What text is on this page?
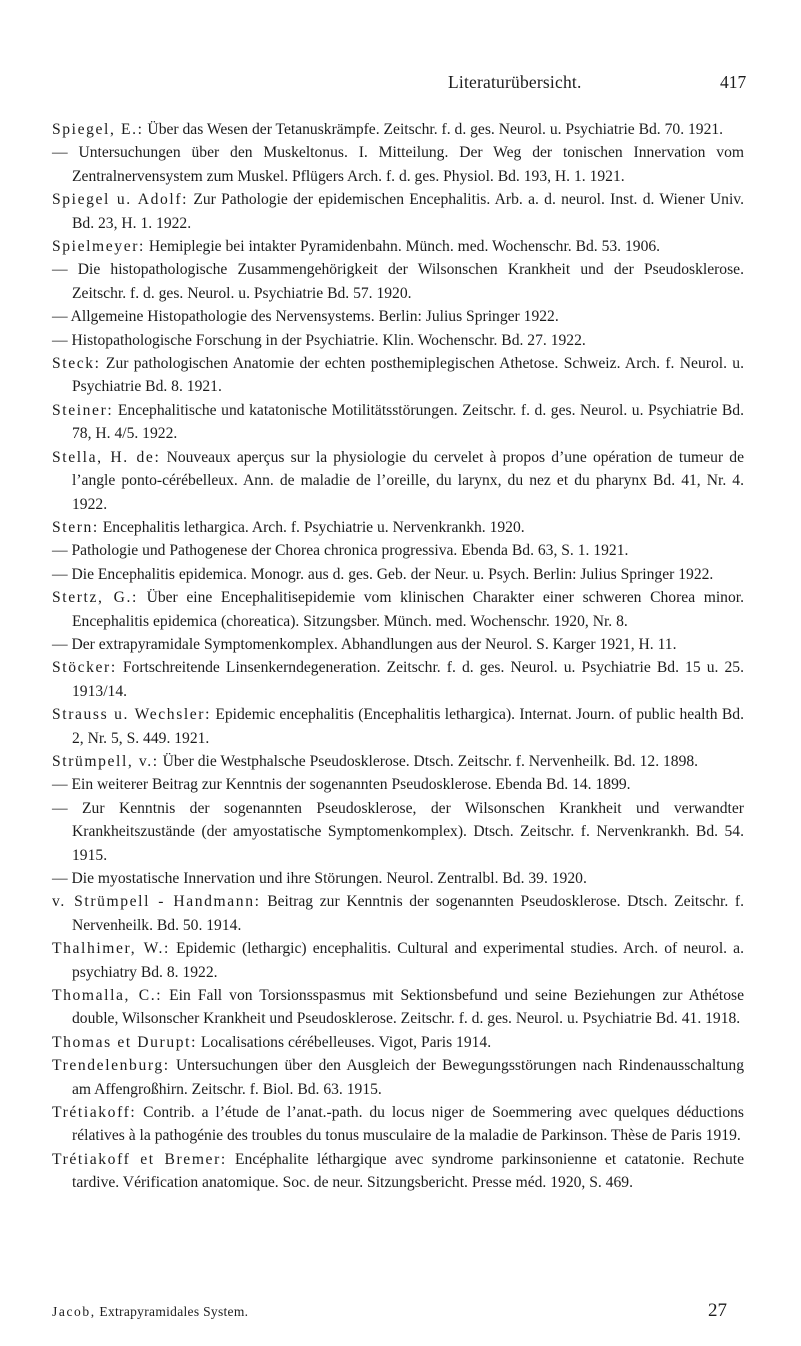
Literaturübersicht.	417

Spiegel, E.: Über das Wesen der Tetanuskrämpfe. Zeitschr. f. d. ges. Neurol. u. Psychiatrie Bd. 70. 1921.

— Untersuchungen über den Muskeltonus. I. Mitteilung. Der Weg der tonischen Innervation vom Zentralnervensystem zum Muskel. Pflügers Arch. f. d. ges. Physiol. Bd. 193, H. 1. 1921.

Spiegel u. Adolf: Zur Pathologie der epidemischen Encephalitis. Arb. a. d. neurol. Inst. d. Wiener Univ. Bd. 23, H. 1. 1922.

Spielmeyer: Hemiplegie bei intakter Pyramidenbahn. Münch. med. Wochenschr. Bd. 53. 1906.

— Die histopathologische Zusammengehörigkeit der Wilsonschen Krankheit und der Pseudosklerose. Zeitschr. f. d. ges. Neurol. u. Psychiatrie Bd. 57. 1920.

— Allgemeine Histopathologie des Nervensystems. Berlin: Julius Springer 1922.

— Histopathologische Forschung in der Psychiatrie. Klin. Wochenschr. Bd. 27. 1922.

Steck: Zur pathologischen Anatomie der echten posthemiplegischen Athetose. Schweiz. Arch. f. Neurol. u. Psychiatrie Bd. 8. 1921.

Steiner: Encephalitische und katatonische Motilitätsstörungen. Zeitschr. f. d. ges. Neurol. u. Psychiatrie Bd. 78, H. 4/5. 1922.

Stella, H. de: Nouveaux aperçus sur la physiologie du cervelet à propos d’une opération de tumeur de l’angle ponto-cérébelleux. Ann. de maladie de l’oreille, du larynx, du nez et du pharynx Bd. 41, Nr. 4. 1922.

Stern: Encephalitis lethargica. Arch. f. Psychiatrie u. Nervenkrankh. 1920.

— Pathologie und Pathogenese der Chorea chronica progressiva. Ebenda Bd. 63, S. 1. 1921.

— Die Encephalitis epidemica. Monogr. aus d. ges. Geb. der Neur. u. Psych. Berlin: Julius Springer 1922.

Stertz, G.: Über eine Encephalitisepidemie vom klinischen Charakter einer schweren Chorea minor. Encephalitis epidemica (choreatica). Sitzungsber. Münch. med. Wochenschr. 1920, Nr. 8.

— Der extrapyramidale Symptomenkomplex. Abhandlungen aus der Neurol. S. Karger 1921, H. 11.

Stöcker: Fortschreitende Linsenkerndegeneration. Zeitschr. f. d. ges. Neurol. u. Psychiatrie Bd. 15 u. 25. 1913/14.

Strauss u. Wechsler: Epidemic encephalitis (Encephalitis lethargica). Internat. Journ. of public health Bd. 2, Nr. 5, S. 449. 1921.

Strümpell, v.: Über die Westphalsche Pseudosklerose. Dtsch. Zeitschr. f. Nervenheilk. Bd. 12. 1898.

— Ein weiterer Beitrag zur Kenntnis der sogenannten Pseudosklerose. Ebenda Bd. 14. 1899.

— Zur Kenntnis der sogenannten Pseudosklerose, der Wilsonschen Krankheit und verwandter Krankheitszustände (der amyostatische Symptomenkomplex). Dtsch. Zeitschr. f. Nervenkrankh. Bd. 54. 1915.

— Die myostatische Innervation und ihre Störungen. Neurol. Zentralbl. Bd. 39. 1920.

v. Strümpell - Handmann: Beitrag zur Kenntnis der sogenannten Pseudosklerose. Dtsch. Zeitschr. f. Nervenheilk. Bd. 50. 1914.

Thalhimer, W.: Epidemic (lethargic) encephalitis. Cultural and experimental studies. Arch. of neurol. a. psychiatry Bd. 8. 1922.

Thomalla, C.: Ein Fall von Torsionsspasmus mit Sektionsbefund und seine Beziehungen zur Athétose double, Wilsonscher Krankheit und Pseudosklerose. Zeitschr. f. d. ges. Neurol. u. Psychiatrie Bd. 41. 1918.

Thomas et Durupt: Localisations cérébelleuses. Vigot, Paris 1914.

Trendelenburg: Untersuchungen über den Ausgleich der Bewegungsstörungen nach Rindenausschaltung am Affengroßhirn. Zeitschr. f. Biol. Bd. 63. 1915.

Trétiakoff: Contrib. a l’étude de l’anat.-path. du locus niger de Soemmering avec quelques déductions rélatives à la pathogénie des troubles du tonus musculaire de la maladie de Parkinson. Thèse de Paris 1919.

Trétiakoff et Bremer: Encéphalite léthargique avec syndrome parkinsonienne et catatonie. Rechute tardive. Vérification anatomique. Soc. de neur. Sitzungsbericht. Presse méd. 1920, S. 469.

Jacob, Extrapyramidales System.	27
